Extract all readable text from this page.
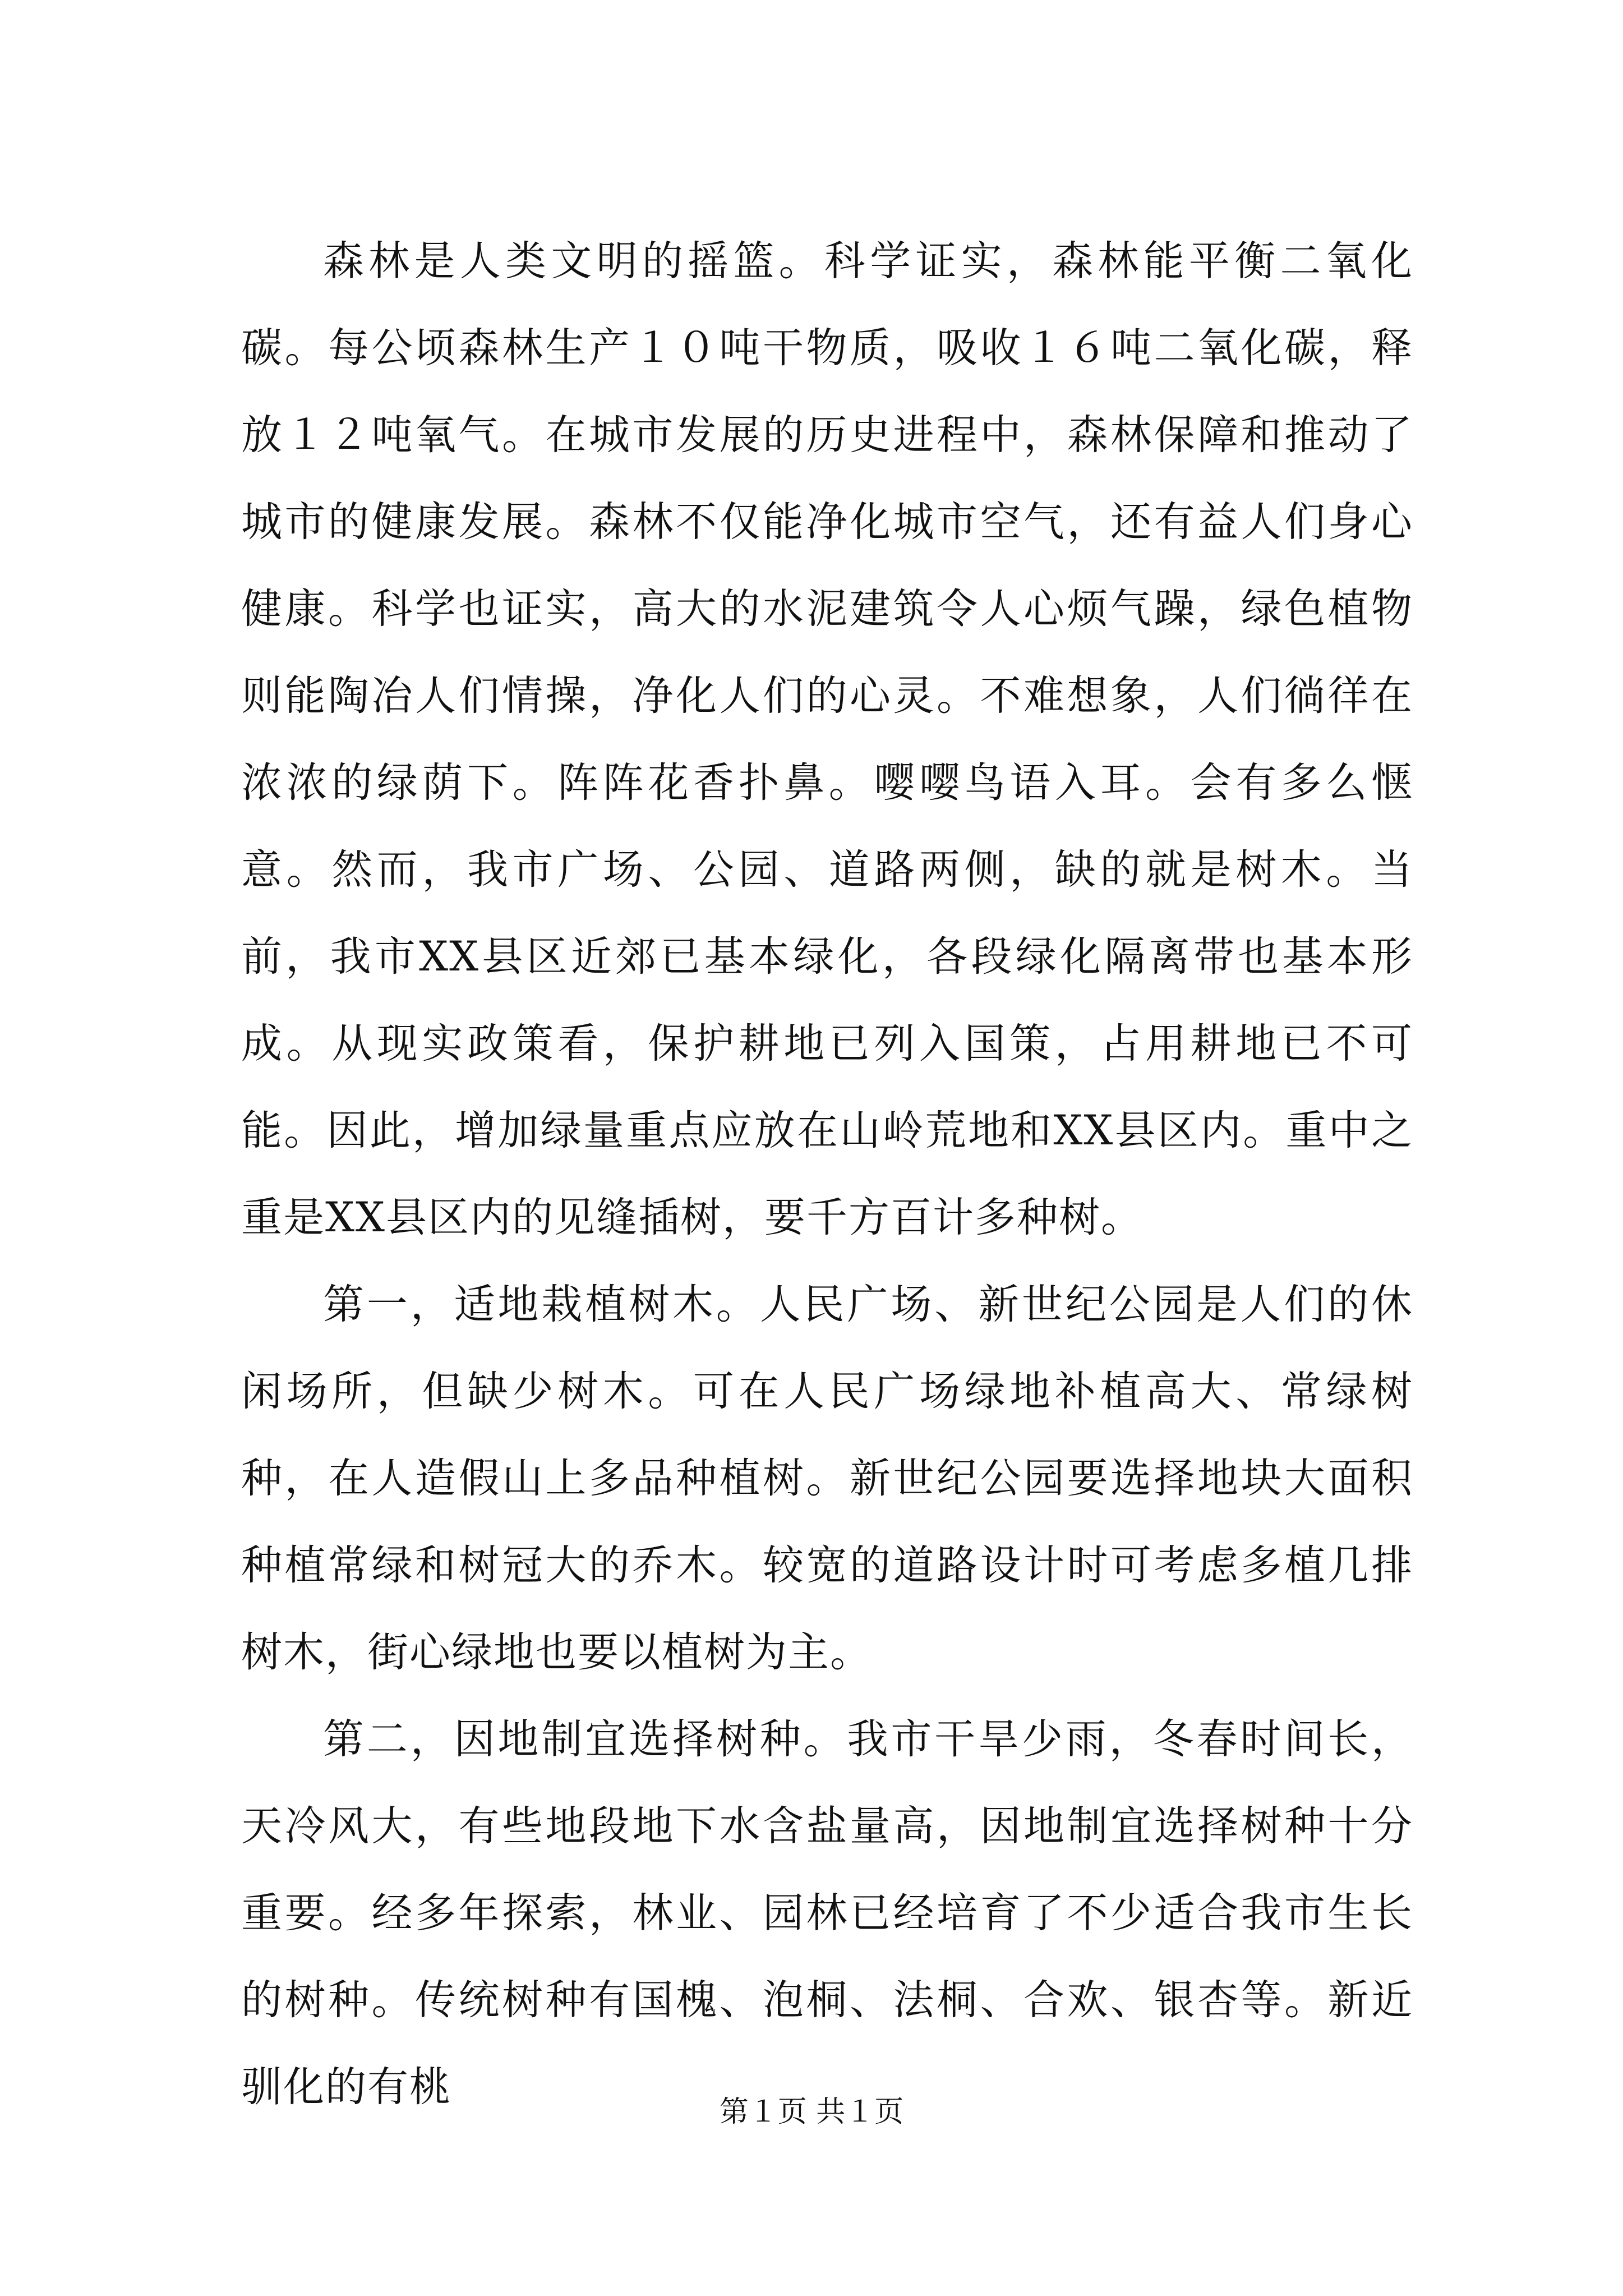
森林是人类文明的摇篮。科学证实，森林能平衡二氧化碳。每公顷森林生产１０吨干物质，吸收１６吨二氧化碳，释放１２吨氧气。在城市发展的历史进程中，森林保障和推动了城市的健康发展。森林不仅能净化城市空气，还有益人们身心健康。科学也证实，高大的水泥建筑令人心烦气躁，绿色植物则能陶冶人们情操，净化人们的心灵。不难想象，人们徜徉在浓浓的绿荫下。阵阵花香扑鼻。嘤嘤鸟语入耳。会有多么惬意。然而，我市广场、公园、道路两侧，缺的就是树木。当前，我市XX县区近郊已基本绿化，各段绿化隔离带也基本形成。从现实政策看，保护耕地已列入国策，占用耕地已不可能。因此，增加绿量重点应放在山岭荒地和XX县区内。重中之重是XX县区内的见缝插树，要千方百计多种树。

第一，适地栽植树木。人民广场、新世纪公园是人们的休闲场所，但缺少树木。可在人民广场绿地补植高大、常绿树种，在人造假山上多品种植树。新世纪公园要选择地块大面积种植常绿和树冠大的乔木。较宽的道路设计时可考虑多植几排树木，街心绿地也要以植树为主。

第二，因地制宜选择树种。我市干旱少雨，冬春时间长，天冷风大，有些地段地下水含盐量高，因地制宜选择树种十分重要。经多年探索，林业、园林已经培育了不少适合我市生长的树种。传统树种有国槐、泡桐、法桐、合欢、银杏等。新近驯化的有桃

第１页 共１页
